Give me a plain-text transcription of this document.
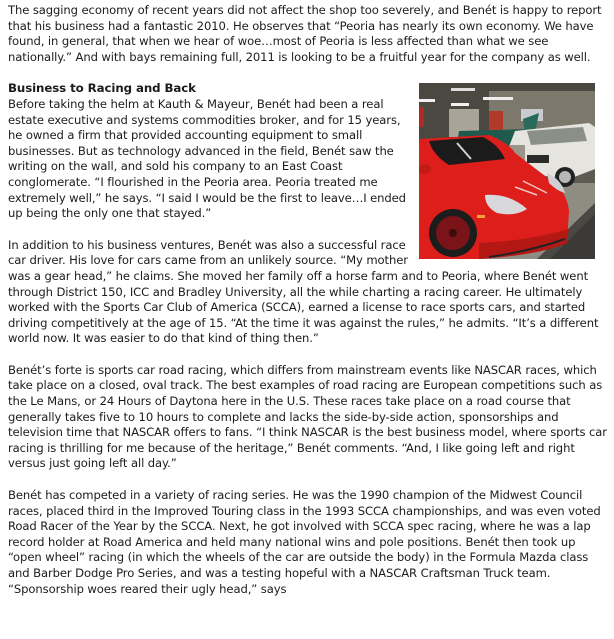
The sagging economy of recent years did not affect the shop too severely, and Benét is happy to report that his business had a fantastic 2010. He observes that “Peoria has nearly its own economy. We have found, in general, that when we hear of woe…most of Peoria is less affected than what we see nationally.” And with bays remaining full, 2011 is looking to be a fruitful year for the company as well.

Business to Racing and Back
Before taking the helm at Kauth & Mayeur, Benét had been a real estate executive and systems commodities broker, and for 15 years, he owned a firm that provided accounting equipment to small businesses. But as technology advanced in the field, Benét saw the writing on the wall, and sold his company to an East Coast conglomerate. “I flourished in the Peoria area. Peoria treated me extremely well,” he says. “I said I would be the first to leave…I ended up being the only one that stayed.”

In addition to his business ventures, Benét was also a successful race car driver. His love for cars came from an unlikely source. “My mother was a gear head,” he claims. She moved her family off a horse farm and to Peoria, where Benét went through District 150, ICC and Bradley University, all the while charting a racing career. He ultimately worked with the Sports Car Club of America (SCCA), earned a license to race sports cars, and started driving competitively at the age of 15. “At the time it was against the rules,” he admits. “It’s a different world now. It was easier to do that kind of thing then.”

Benét’s forte is sports car road racing, which differs from mainstream events like NASCAR races, which take place on a closed, oval track. The best examples of road racing are European competitions such as the Le Mans, or 24 Hours of Daytona here in the U.S. These races take place on a road course that generally takes five to 10 hours to complete and lacks the side-by-side action, sponsorships and television time that NASCAR offers to fans. “I think NASCAR is the best business model, where sports car racing is thrilling for me because of the heritage,” Benét comments. “And, I like going left and right versus just going left all day.”

Benét has competed in a variety of racing series. He was the 1990 champion of the Midwest Council races, placed third in the Improved Touring class in the 1993 SCCA championships, and was even voted Road Racer of the Year by the SCCA. Next, he got involved with SCCA spec racing, where he was a lap record holder at Road America and held many national wins and pole positions. Benét then took up “open wheel” racing (in which the wheels of the car are outside the body) in the Formula Mazda class and Barber Dodge Pro Series, and was a testing hopeful with a NASCAR Craftsman Truck team. “Sponsorship woes reared their ugly head,” says
